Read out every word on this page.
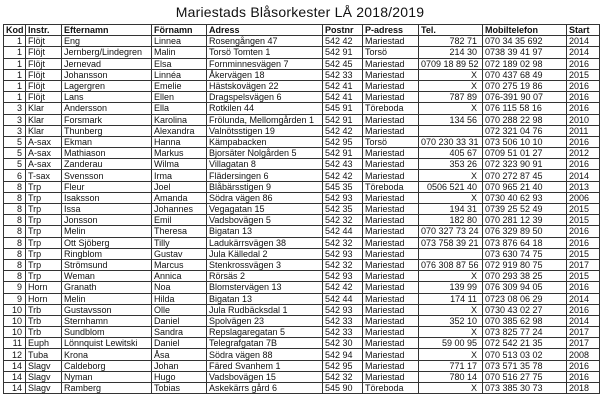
Mariestads Blåsorkester LÅ 2018/2019
Kod	Instr.	Efternamn	Förnamn	Adress	Postnr	P-adress	Tel.	Mobiltelefon	Start
1	Flöjt	Eng	Linnea	Rosengången 47	542 42	Mariestad	782 71	070 34 35 692	2014
1	Flöjt	Jernberg/Lindegren	Malin	Torsö Tomten 1	542 91	Torsö	214 30	0738 39 41 97	2014
1	Flöjt	Jernevad	Elsa	Fornminnesvägen 7	542 45	Mariestad	0709 18 89 52	072 189 02 98	2016
1	Flöjt	Johansson	Linnéa	Åkervägen 18	542 33	Mariestad	X	070 437 68 49	2015
1	Flöjt	Lagergren	Emelie	Hästskovägen 22	542 41	Mariestad	X	070 275 19 86	2016
1	Flöjt	Lans	Ellen	Dragspelsvägen 6	542 41	Mariestad	787 89	076-391 90 07	2016
3	Klar	Andersson	Ella	Rotkilen 44	545 91	Töreboda	X	076 115 58 16	2016
3	Klar	Forsmark	Karolina	Frölunda, Mellomgården 1	542 91	Mariestad	134 56	070 288 22 98	2010
3	Klar	Thunberg	Alexandra	Valnötsstigen 19	542 42	Mariestad		072 321 04 76	2011
5	A-sax	Ekman	Hanna	Kämpabacken	542 95	Torsö	070 230 33 31	073 506 10 10	2016
5	A-sax	Mathiason	Markus	Bjorsäter Nolgården 5	542 91	Mariestad	405 67	0709 51 01 27	2012
5	A-sax	Zanderau	Wilma	Villagatan 8	542 43	Mariestad	353 26	072 323 90 91	2016
6	T-sax	Svensson	Irma	Flädersingen 6	542 42	Mariestad	X	070 272 87 45	2014
8	Trp	Fleur	Joel	Blåbärsstigen 9	545 35	Töreboda	0506 521 40	070 965 21 40	2013
8	Trp	Isaksson	Amanda	Södra vägen 86	542 93	Mariestad	X	0730 40 62 93	2006
8	Trp	Issa	Johannes	Vegagatan 15	542 35	Mariestad	194 31	0739 25 52 49	2015
8	Trp	Jonsson	Emil	Vadsbovägen 5	542 32	Mariestad	182 80	070 281 12 39	2015
8	Trp	Melin	Theresa	Bigatan 13	542 44	Mariestad	070 327 73 24	076 329 89 50	2016
8	Trp	Ott Sjöberg	Tilly	Ladukärrsvägen 38	542 32	Mariestad	073 758 39 21	073 876 64 18	2016
8	Trp	Ringblom	Gustav	Jula Källedal 2	542 93	Mariestad		073 630 74 75	2015
8	Trp	Strömsund	Marcus	Stenkrossvägen 3	542 32	Mariestad	076 308 87 56	072 919 80 75	2017
8	Trp	Weman	Annica	Rörsäs 2	542 93	Mariestad	X	070 293 38 25	2015
9	Horn	Granath	Noa	Blomstervägen 13	542 42	Mariestad	139 99	076 309 94 05	2016
9	Horn	Melin	Hilda	Bigatan 13	542 44	Mariestad	174 11	0723 08 06 29	2014
10	Trb	Gustavsson	Olle	Jula Rudbäcksdal 1	542 93	Mariestad	X	0730 43 02 27	2016
10	Trb	Sternhamn	Daniel	Spolvägen 23	542 33	Mariestad	352 10	070 385 62 98	2014
10	Trb	Sundblom	Sandra	Repslagaregatan 5	542 33	Mariestad	X	073 825 77 24	2017
11	Euph	Lönnquist Lewitski	Daniel	Telegrafgatan 7B	542 30	Mariestad	59 00 95	072 542 21 35	2017
12	Tuba	Krona	Åsa	Södra vägen 88	542 94	Mariestad	X	070 513 03 02	2008
14	Slagv	Caldeborg	Johan	Färed Svanhem 1	542 95	Mariestad	771 17	073 571 35 78	2016
14	Slagv	Nyman	Hugo	Vadsbovägen 15	542 32	Mariestad	780 14	070 516 27 75	2016
14	Slagv	Ramberg	Tobias	Askekärrs gård 6	545 90	Töreboda	X	073 385 30 73	2018
